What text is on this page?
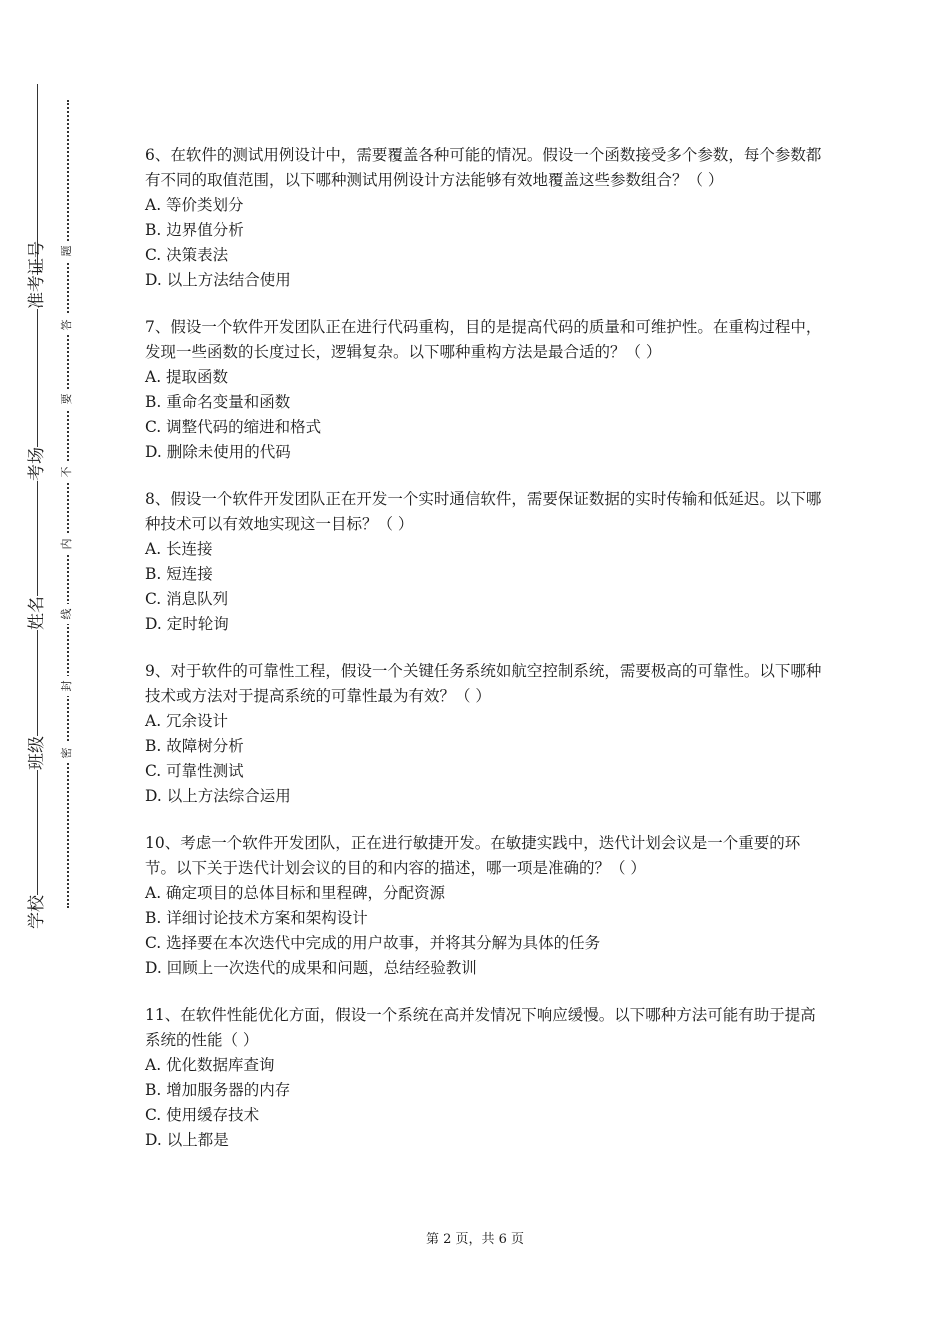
准考证号
考场
姓名
班级
学校
题
答
要
不
内
线
封
密

6、在软件的测试用例设计中，需要覆盖各种可能的情况。假设一个函数接受多个参数，每个参数都有不同的取值范围，以下哪种测试用例设计方法能够有效地覆盖这些参数组合？（ ）

A. 等价类划分

B. 边界值分析

C. 决策表法

D. 以上方法结合使用

7、假设一个软件开发团队正在进行代码重构，目的是提高代码的质量和可维护性。在重构过程中，发现一些函数的长度过长，逻辑复杂。以下哪种重构方法是最合适的？（ ）

A. 提取函数

B. 重命名变量和函数

C. 调整代码的缩进和格式

D. 删除未使用的代码

8、假设一个软件开发团队正在开发一个实时通信软件，需要保证数据的实时传输和低延迟。以下哪种技术可以有效地实现这一目标？（ ）

A. 长连接

B. 短连接

C. 消息队列

D. 定时轮询

9、对于软件的可靠性工程，假设一个关键任务系统如航空控制系统，需要极高的可靠性。以下哪种技术或方法对于提高系统的可靠性最为有效？（ ）

A. 冗余设计

B. 故障树分析

C. 可靠性测试

D. 以上方法综合运用

10、考虑一个软件开发团队，正在进行敏捷开发。在敏捷实践中，迭代计划会议是一个重要的环节。以下关于迭代计划会议的目的和内容的描述，哪一项是准确的？（ ）

A. 确定项目的总体目标和里程碑，分配资源

B. 详细讨论技术方案和架构设计

C. 选择要在本次迭代中完成的用户故事，并将其分解为具体的任务

D. 回顾上一次迭代的成果和问题，总结经验教训

11、在软件性能优化方面，假设一个系统在高并发情况下响应缓慢。以下哪种方法可能有助于提高系统的性能（ ）

A. 优化数据库查询

B. 增加服务器的内存

C. 使用缓存技术

D. 以上都是

第 2 页，共 6 页
